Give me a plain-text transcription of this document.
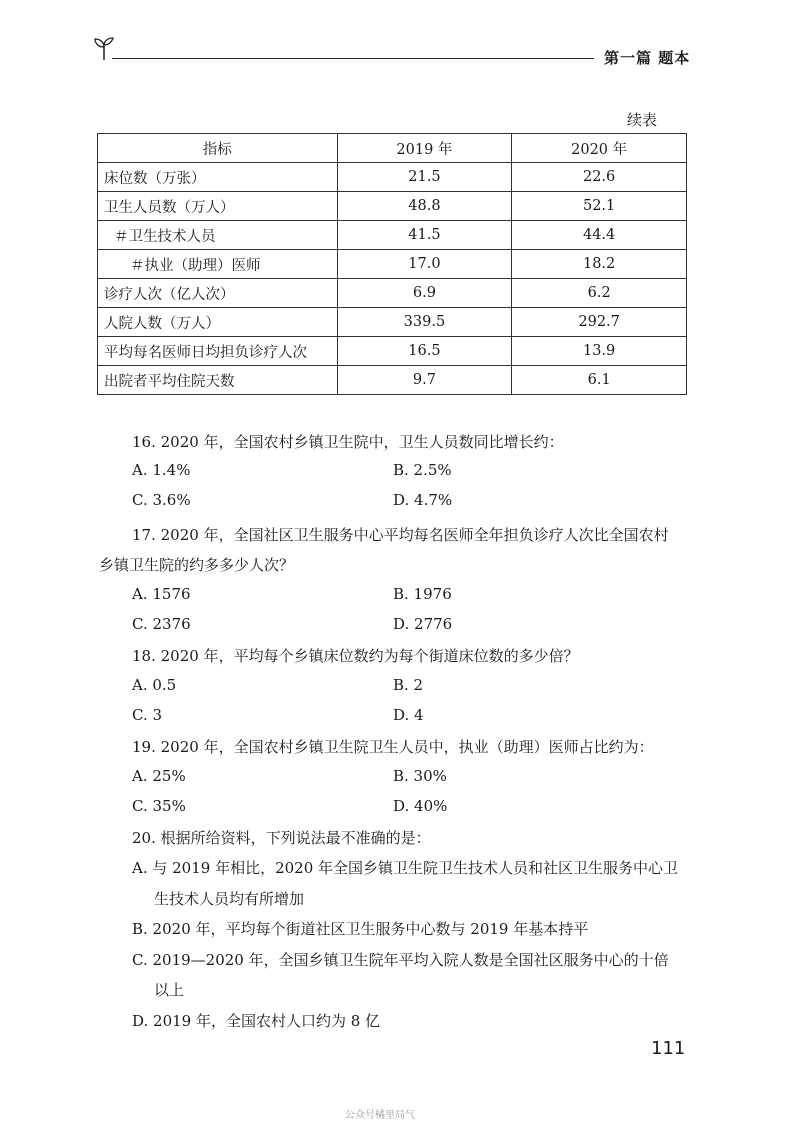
第一篇 题本
续表
指标	2019 年	2020 年
床位数（万张）	21.5	22.6
卫生人员数（万人）	48.8	52.1
＃卫生技术人员	41.5	44.4
＃执业（助理）医师	17.0	18.2
诊疗人次（亿人次）	6.9	6.2
人院人数（万人）	339.5	292.7
平均每名医师日均担负诊疗人次	16.5	13.9
出院者平均住院天数	9.7	6.1
16. 2020 年，全国农村乡镇卫生院中，卫生人员数同比增长约：
A. 1.4%	B. 2.5%
C. 3.6%	D. 4.7%
17. 2020 年，全国社区卫生服务中心平均每名医师全年担负诊疗人次比全国农村
乡镇卫生院的约多多少人次？
A. 1576	B. 1976
C. 2376	D. 2776
18. 2020 年，平均每个乡镇床位数约为每个街道床位数的多少倍？
A. 0.5	B. 2
C. 3	D. 4
19. 2020 年，全国农村乡镇卫生院卫生人员中，执业（助理）医师占比约为：
A. 25%	B. 30%
C. 35%	D. 40%
20. 根据所给资料，下列说法最不准确的是：
A. 与 2019 年相比，2020 年全国乡镇卫生院卫生技术人员和社区卫生服务中心卫
生技术人员均有所增加
B. 2020 年，平均每个街道社区卫生服务中心数与 2019 年基本持平
C. 2019—2020 年，全国乡镇卫生院年平均入院人数是全国社区服务中心的十倍
以上
D. 2019 年，全国农村人口约为 8 亿
111
公众号橘里局气
